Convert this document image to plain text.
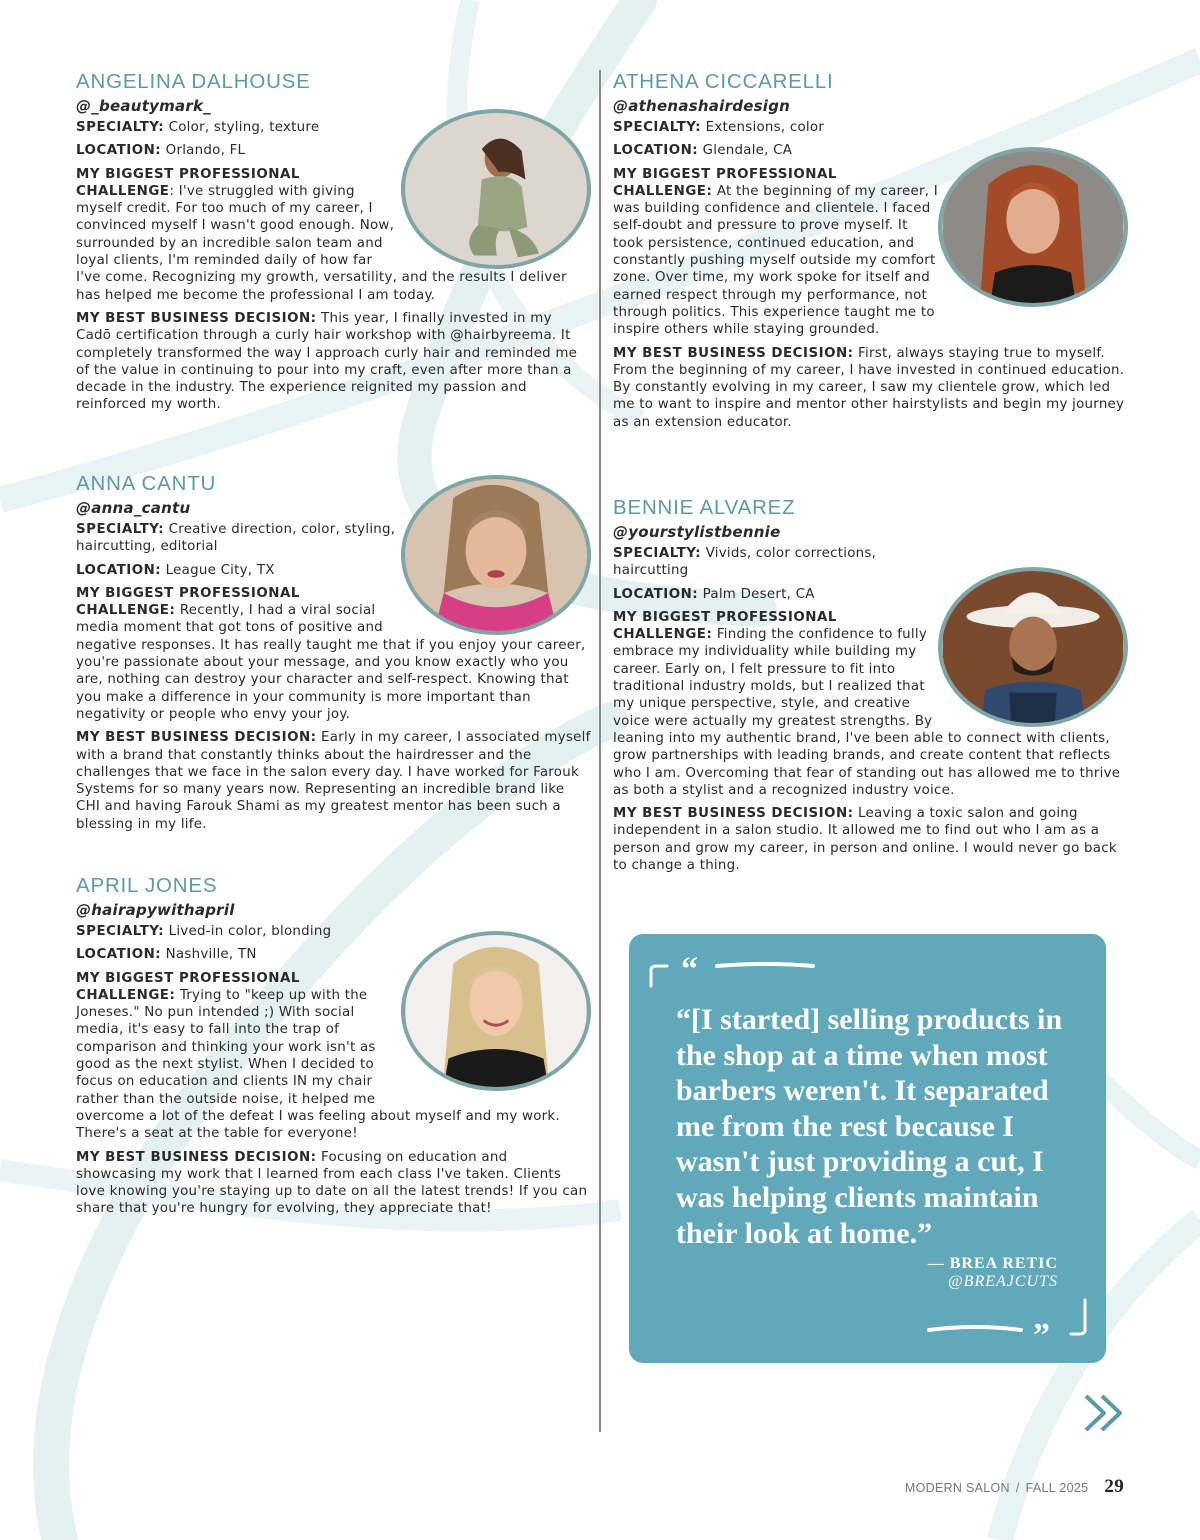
ANGELINA DALHOUSE
@_beautymark_
SPECIALTY: Color, styling, texture
LOCATION: Orlando, FL
MY BIGGEST PROFESSIONAL CHALLENGE: I've struggled with giving myself credit. For too much of my career, I convinced myself I wasn't good enough. Now, surrounded by an incredible salon team and loyal clients, I'm reminded daily of how far I've come. Recognizing my growth, versatility, and the results I deliver has helped me become the professional I am today.
MY BEST BUSINESS DECISION: This year, I finally invested in my Cadō certification through a curly hair workshop with @hairbyreema. It completely transformed the way I approach curly hair and reminded me of the value in continuing to pour into my craft, even after more than a decade in the industry. The experience reignited my passion and reinforced my worth.
ANNA CANTU
@anna_cantu
SPECIALTY: Creative direction, color, styling, haircutting, editorial
LOCATION: League City, TX
MY BIGGEST PROFESSIONAL CHALLENGE: Recently, I had a viral social media moment that got tons of positive and negative responses. It has really taught me that if you enjoy your career, you're passionate about your message, and you know exactly who you are, nothing can destroy your character and self-respect. Knowing that you make a difference in your community is more important than negativity or people who envy your joy.
MY BEST BUSINESS DECISION: Early in my career, I associated myself with a brand that constantly thinks about the hairdresser and the challenges that we face in the salon every day. I have worked for Farouk Systems for so many years now. Representing an incredible brand like CHI and having Farouk Shami as my greatest mentor has been such a blessing in my life.
APRIL JONES
@hairapywithapril
SPECIALTY: Lived-in color, blonding
LOCATION: Nashville, TN
MY BIGGEST PROFESSIONAL CHALLENGE: Trying to "keep up with the Joneses." No pun intended ;) With social media, it's easy to fall into the trap of comparison and thinking your work isn't as good as the next stylist. When I decided to focus on education and clients IN my chair rather than the outside noise, it helped me overcome a lot of the defeat I was feeling about myself and my work. There's a seat at the table for everyone!
MY BEST BUSINESS DECISION: Focusing on education and showcasing my work that I learned from each class I've taken. Clients love knowing you're staying up to date on all the latest trends! If you can share that you're hungry for evolving, they appreciate that!
ATHENA CICCARELLI
@athenashairdesign
SPECIALTY: Extensions, color
LOCATION: Glendale, CA
MY BIGGEST PROFESSIONAL CHALLENGE: At the beginning of my career, I was building confidence and clientele. I faced self-doubt and pressure to prove myself. It took persistence, continued education, and constantly pushing myself outside my comfort zone. Over time, my work spoke for itself and earned respect through my performance, not through politics. This experience taught me to inspire others while staying grounded.
MY BEST BUSINESS DECISION: First, always staying true to myself. From the beginning of my career, I have invested in continued education. By constantly evolving in my career, I saw my clientele grow, which led me to want to inspire and mentor other hairstylists and begin my journey as an extension educator.
BENNIE ALVAREZ
@yourstylistbennie
SPECIALTY: Vivids, color corrections, haircutting
LOCATION: Palm Desert, CA
MY BIGGEST PROFESSIONAL CHALLENGE: Finding the confidence to fully embrace my individuality while building my career. Early on, I felt pressure to fit into traditional industry molds, but I realized that my unique perspective, style, and creative voice were actually my greatest strengths. By leaning into my authentic brand, I've been able to connect with clients, grow partnerships with leading brands, and create content that reflects who I am. Overcoming that fear of standing out has allowed me to thrive as both a stylist and a recognized industry voice.
MY BEST BUSINESS DECISION: Leaving a toxic salon and going independent in a salon studio. It allowed me to find out who I am as a person and grow my career, in person and online. I would never go back to change a thing.
“
“[I started] selling products in the shop at a time when most barbers weren't. It separated me from the rest because I wasn't just providing a cut, I was helping clients maintain their look at home.”
— BREA RETIC
@BREAJCUTS
”
MODERN SALON / FALL 2025 29
